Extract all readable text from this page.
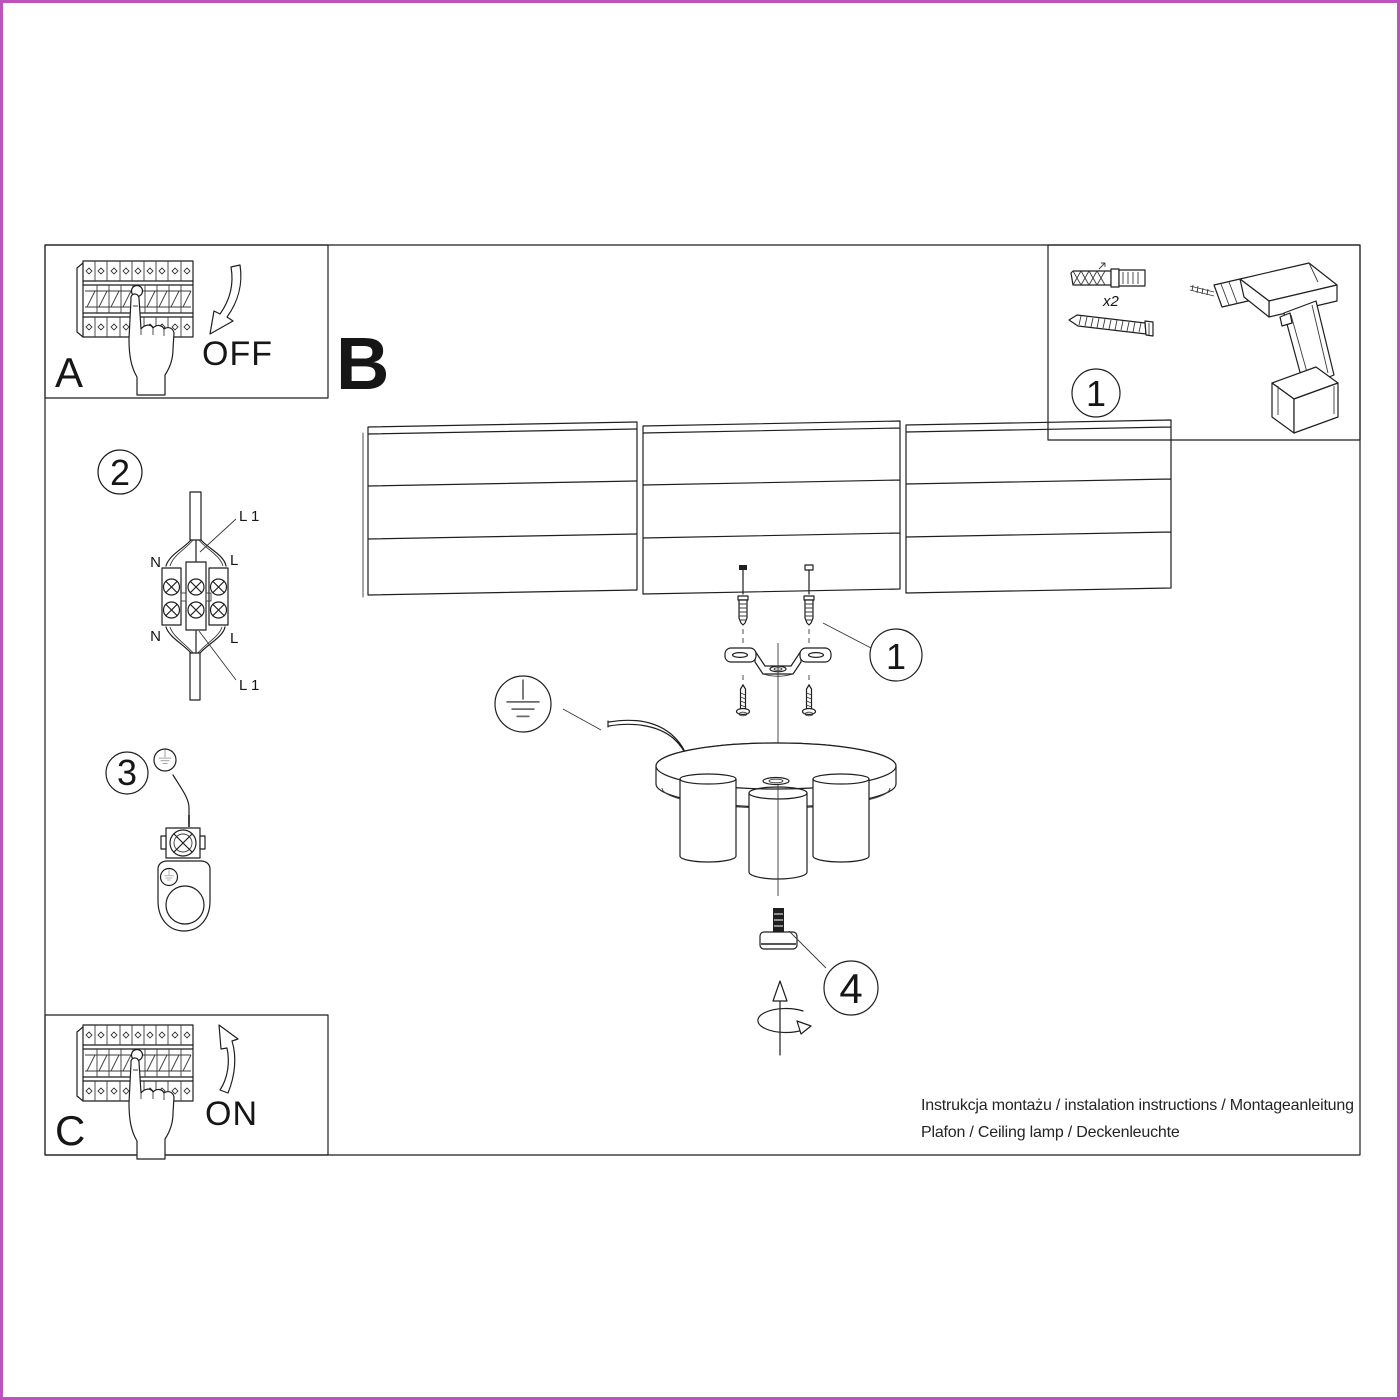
OFF
A	B
x2
1
2
N	L
L 1
N	L
L 1
3
ON
C
1
4
Instrukcja montażu / instalation instructions / Montageanleitung
Plafon / Ceiling lamp / Deckenleuchte
